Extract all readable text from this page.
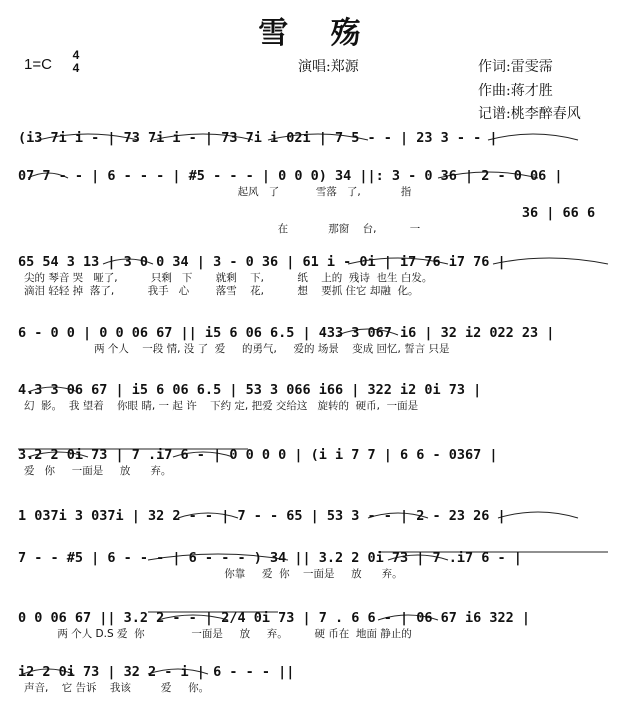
雪 殇
1=C
4
4	演唱:郑源	作词:雷雯霈
作曲:蒋才胜
记谱:桃李醉春风
(i3 7i i - | 73 7i i - | 73 7i i 02i | 7 5 - - | 23 3 - - |
07 7 - - | 6 - - - | #5 - - - | 0 0 0) 34 ||: 3 - 0 36 | 2 - 0 06 |
起风   了           雪落   了,            指
36 | 66 6
在            那窗    台,          一
65 54 3 13 | 3 0 0 34 | 3 - 0 36 | 61 i - 0i | i7 76 i7 76 |
尖的 琴音 哭   哑了,          只剩   下       就剩    下,          纸    上的  残诗  也生 白发。
滴泪 轻轻 掉  落了,          我手   心        落雪    花,          想    要抓 住它 却融  化。
6 - 0 0 | 0 0 06 67 || i5 6 06 6.5 | 433 3 067 i6 | 32 i2 022 23 |
两 个人    一段 情, 没 了  爱     的勇气,     爱的 场景    变成 回忆, 誓言 只是
4.3 3 06 67 | i5 6 06 6.5 | 53 3 066 i66 | 322 i2 0i 73 |
幻  影。  我 望着    你眼 睛, 一 起 许    下约 定, 把爱 交给这   旋转的  硬币,  一面是
3.2 2 0i 73 | 7 .i7 6 - | 0 0 0 0 | (i i 7 7 | 6 6 - 0367 |
爱   你     一面是     放      弃。
1 037i 3 037i | 32 2 - - | 7 - - 65 | 53 3 - - | 2 - 23 26 |
7 - - #5 | 6 - - - | 6 - - - ) 34 || 3.2 2 0i 73 | 7 .i7 6 - |
你靠     爱  你    一面是     放      弃。
0 0 06 67 || 3.2 2 - - | 2/4 0i 73 | 7 . 6 6 - | 06 67 i6 322 |
两 个人 D.S 爱  你              一面是     放     弃。        硬 币在  地面 静止的
i2 2 0i 73 | 32 2 - i | 6 - - - ||
声音,    它 告诉    我该         爱     你。
